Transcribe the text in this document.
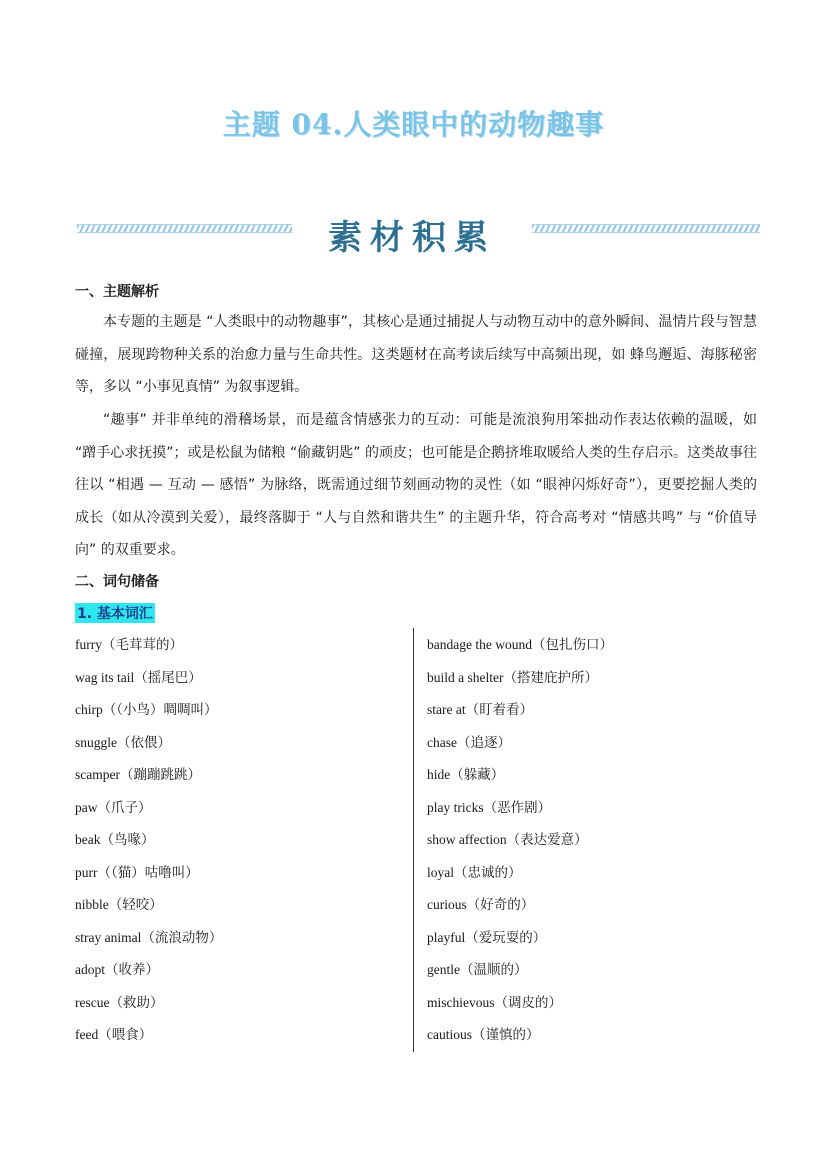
主题 04.人类眼中的动物趣事
素材积累
一、主题解析
本专题的主题是 “人类眼中的动物趣事”，其核心是通过捕捉人与动物互动中的意外瞬间、温情片段与智慧碰撞，展现跨物种关系的治愈力量与生命共性。这类题材在高考读后续写中高频出现，如 蜂鸟邂逅、海豚秘密等，多以 “小事见真情” 为叙事逻辑。
“趣事” 并非单纯的滑稽场景，而是蕴含情感张力的互动：可能是流浪狗用笨拙动作表达依赖的温暖，如 “蹭手心求抚摸”；或是松鼠为储粮 “偷藏钥匙” 的顽皮；也可能是企鹅挤堆取暖给人类的生存启示。这类故事往往以 “相遇 — 互动 — 感悟” 为脉络，既需通过细节刻画动物的灵性（如 “眼神闪烁好奇”），更要挖掘人类的成长（如从冷漠到关爱），最终落脚于 “人与自然和谐共生” 的主题升华，符合高考对 “情感共鸣” 与 “价值导向” 的双重要求。
二、词句储备
1. 基本词汇
furry（毛茸茸的）
wag its tail（摇尾巴）
chirp（（小鸟）啁啁叫）
snuggle（依偎）
scamper（蹦蹦跳跳）
paw（爪子）
beak（鸟喙）
purr（（猫）咕噜叫）
nibble（轻咬）
stray animal（流浪动物）
adopt（收养）
rescue（救助）
feed（喂食）
bandage the wound（包扎伤口）
build a shelter（搭建庇护所）
stare at（盯着看）
chase（追逐）
hide（躲藏）
play tricks（恶作剧）
show affection（表达爱意）
loyal（忠诚的）
curious（好奇的）
playful（爱玩耍的）
gentle（温顺的）
mischievous（调皮的）
cautious（谨慎的）
